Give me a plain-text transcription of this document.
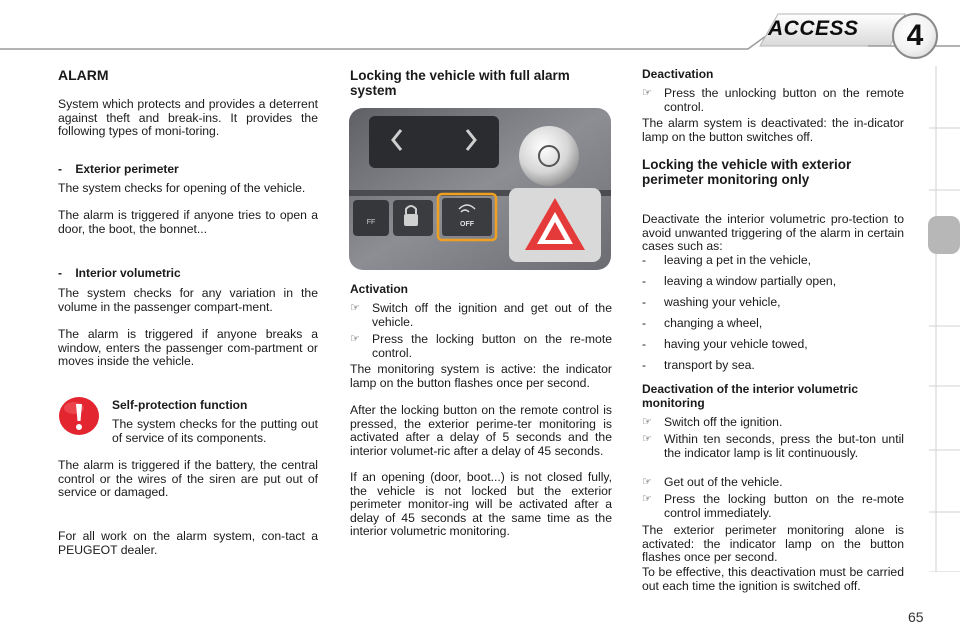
ACCESS	4
ALARM
System which protects and provides a deterrent against theft and break-ins. It provides the following types of moni-toring.
-    Exterior perimeter
The system checks for opening of the vehicle.
The alarm is triggered if anyone tries to open a door, the boot, the bonnet...
-    Interior volumetric
The system checks for any variation in the volume in the passenger compart-ment.
The alarm is triggered if anyone breaks a window, enters the passenger com-partment or moves inside the vehicle.
Self-protection function
The system checks for the putting out of service of its components.
The alarm is triggered if the battery, the central control or the wires of the siren are put out of service or damaged.
For all work on the alarm system, con-tact a PEUGEOT dealer.
Locking the vehicle with full alarm system
OFF
FF
Activation
☞ Switch off the ignition and get out of the vehicle.
☞ Press the locking button on the re-mote control.
The monitoring system is active: the indicator lamp on the button flashes once per second.
After the locking button on the remote control is pressed, the exterior perime-ter monitoring is activated after a delay of 5 seconds and the interior volumet-ric after a delay of 45 seconds.
If an opening (door, boot...) is not closed fully, the vehicle is not locked but the exterior perimeter monitor-ing will be activated after a delay of 45 seconds at the same time as the interior volumetric monitoring.
Deactivation
☞ Press the unlocking button on the remote control.
The alarm system is deactivated: the in-dicator lamp on the button switches off.
Locking the vehicle with exterior perimeter monitoring only
Deactivate the interior volumetric pro-tection to avoid unwanted triggering of the alarm in certain cases such as:
- leaving a pet in the vehicle,
- leaving a window partially open,
- washing your vehicle,
- changing a wheel,
- having your vehicle towed,
- transport by sea.
Deactivation of the interior volumetric monitoring
☞ Switch off the ignition.
☞ Within ten seconds, press the but-ton until the indicator lamp is lit continuously.
☞ Get out of the vehicle.
☞ Press the locking button on the re-mote control immediately.
The exterior perimeter monitoring alone is activated: the indicator lamp on the button flashes once per second.
To be effective, this deactivation must be carried out each time the ignition is switched off.
65
